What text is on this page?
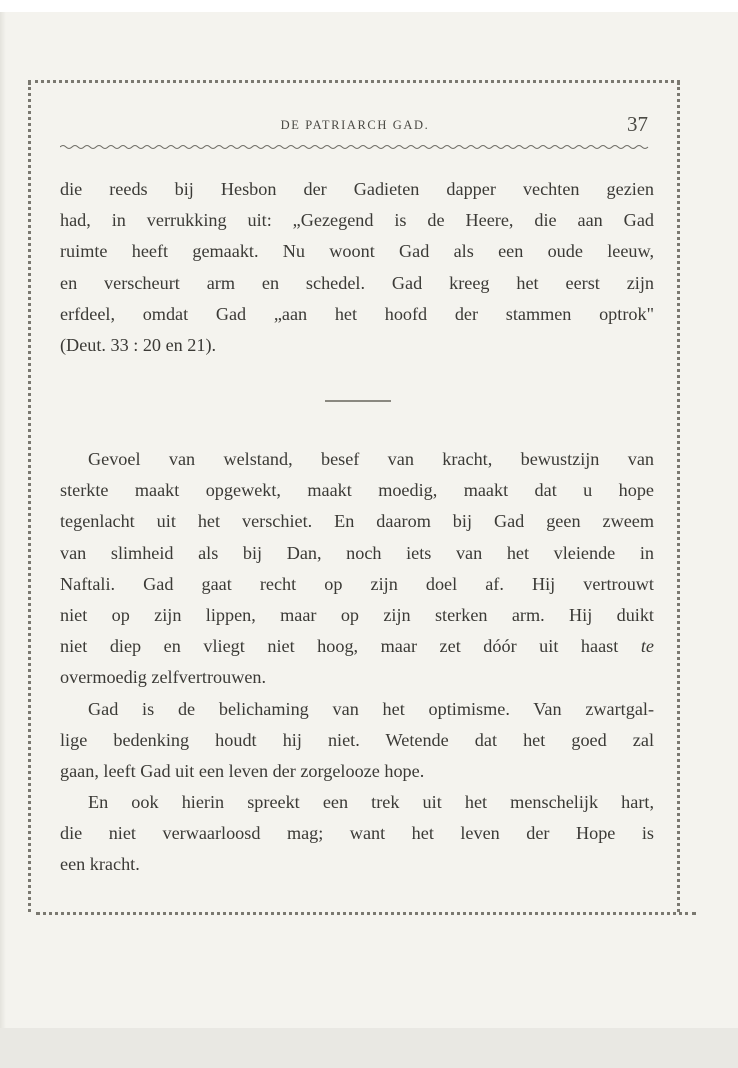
DE PATRIARCH GAD.	37
die reeds bij Hesbon der Gadieten dapper vechten gezien
had, in verrukking uit: „Gezegend is de Heere, die aan Gad
ruimte heeft gemaakt. Nu woont Gad als een oude leeuw,
en verscheurt arm en schedel. Gad kreeg het eerst zijn
erfdeel, omdat Gad „aan het hoofd der stammen optrok"
(Deut. 33 : 20 en 21).
Gevoel van welstand, besef van kracht, bewustzijn van
sterkte maakt opgewekt, maakt moedig, maakt dat u hope
tegenlacht uit het verschiet. En daarom bij Gad geen zweem
van slimheid als bij Dan, noch iets van het vleiende in
Naftali. Gad gaat recht op zijn doel af. Hij vertrouwt
niet op zijn lippen, maar op zijn sterken arm. Hij duikt
niet diep en vliegt niet hoog, maar zet dóór uit haast te
overmoedig zelfvertrouwen.
Gad is de belichaming van het optimisme. Van zwartgal-
lige bedenking houdt hij niet. Wetende dat het goed zal
gaan, leeft Gad uit een leven der zorgelooze hope.
En ook hierin spreekt een trek uit het menschelijk hart,
die niet verwaarloosd mag; want het leven der Hope is
een kracht.
